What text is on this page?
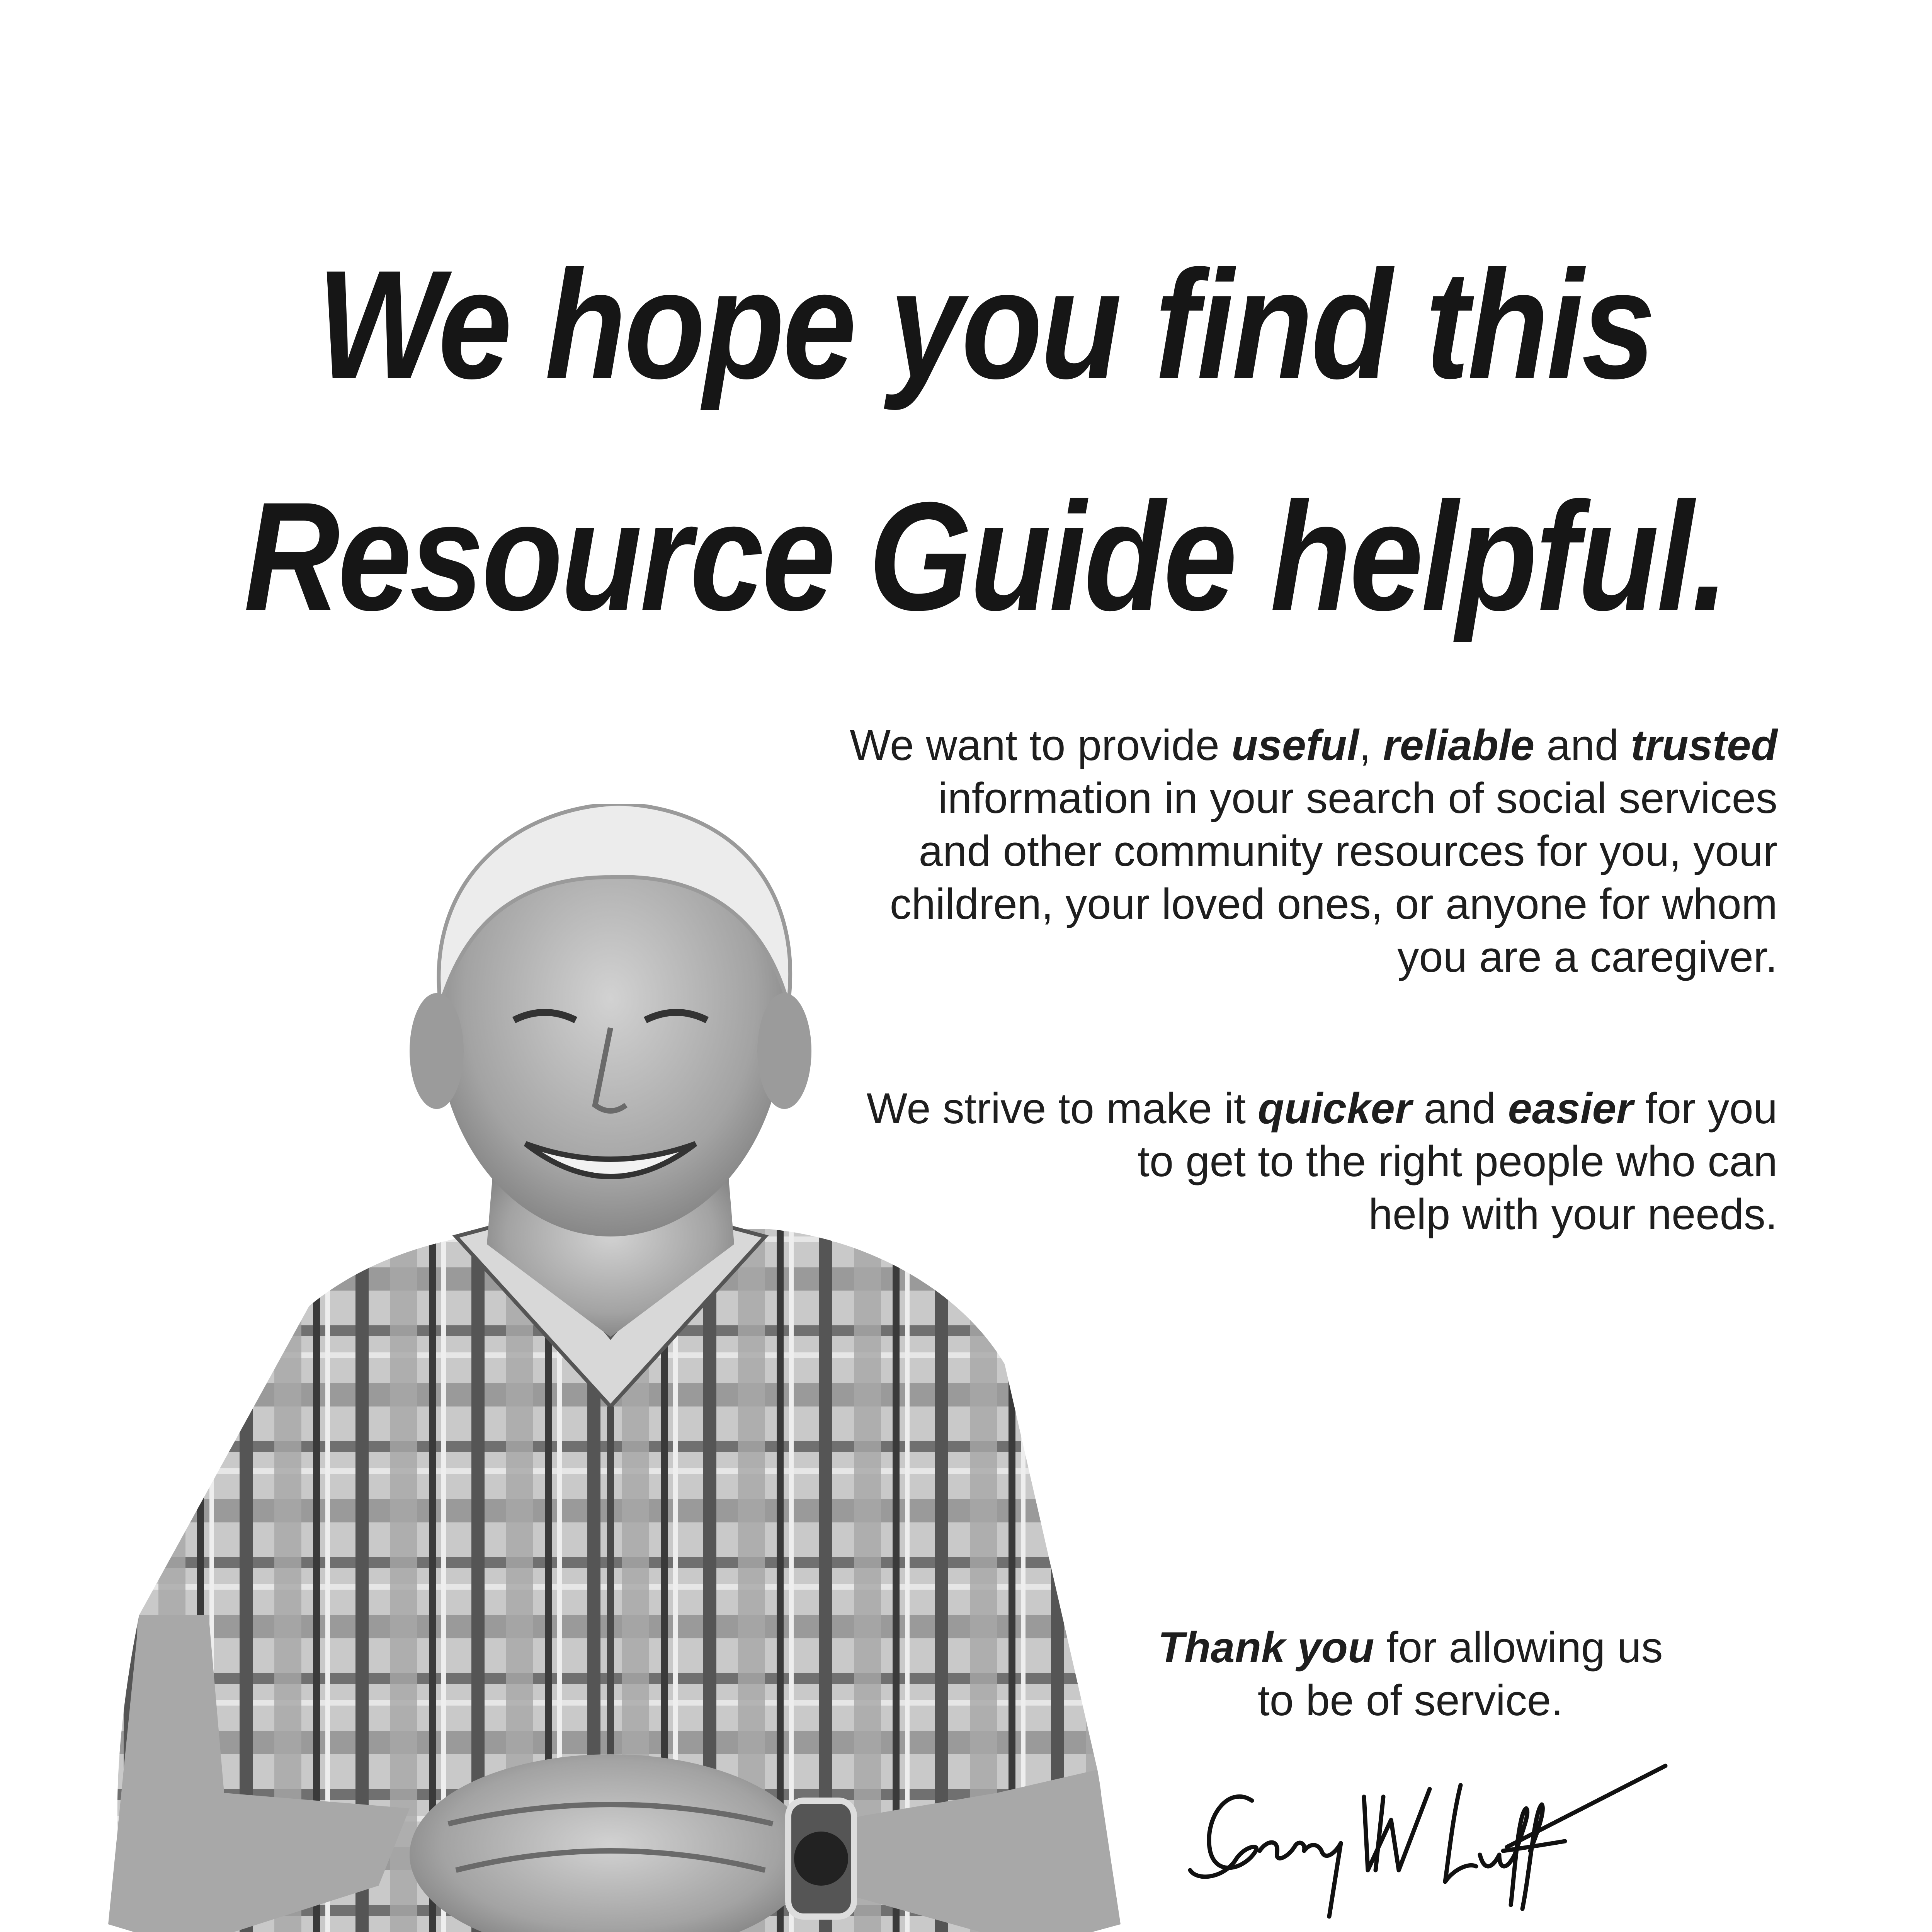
We hope you find this
Resource Guide helpful.
We want to provide useful, reliable and trusted
information in your search of social services
and other community resources for you, your
children, your loved ones, or anyone for whom
you are a caregiver.
We strive to make it quicker and easier for you
to get to the right people who can
help with your needs.
Thank you for allowing us
to be of service.
